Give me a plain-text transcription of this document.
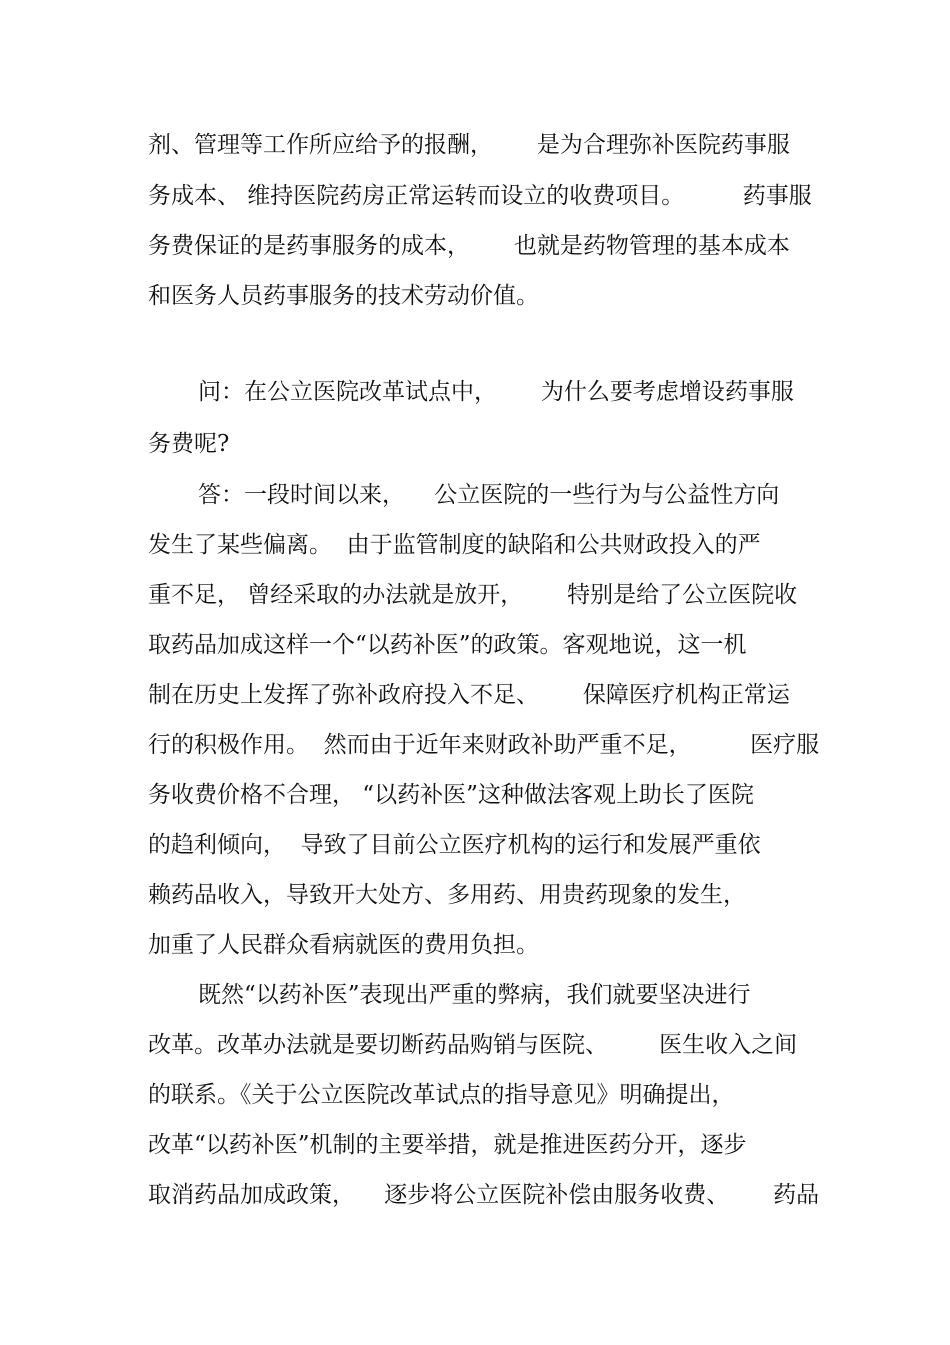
剂、管理等工作所应给予的报酬，      是为合理弥补医院药事服
务成本、 维持医院药房正常运转而设立的收费项目。        药事服
务费保证的是药事服务的成本，      也就是药物管理的基本成本
和医务人员药事服务的技术劳动价值。
问：在公立医院改革试点中，      为什么要考虑增设药事服
务费呢?
答：一段时间以来，    公立医院的一些行为与公益性方向
发生了某些偏离。  由于监管制度的缺陷和公共财政投入的严
重不足， 曾经采取的办法就是放开，      特别是给了公立医院收
取药品加成这样一个“以药补医”的政策。客观地说，这一机
制在历史上发挥了弥补政府投入不足、      保障医疗机构正常运
行的积极作用。  然而由于近年来财政补助严重不足，        医疗服
务收费价格不合理， “以药补医”这种做法客观上助长了医院
的趋利倾向，  导致了目前公立医疗机构的运行和发展严重依
赖药品收入，导致开大处方、多用药、用贵药现象的发生，
加重了人民群众看病就医的费用负担。
既然“以药补医”表现出严重的弊病，我们就要坚决进行
改革。改革办法就是要切断药品购销与医院、       医生收入之间
的联系。《关于公立医院改革试点的指导意见》明确提出，
改革“以药补医”机制的主要举措，就是推进医药分开，逐步
取消药品加成政策，    逐步将公立医院补偿由服务收费、      药品
